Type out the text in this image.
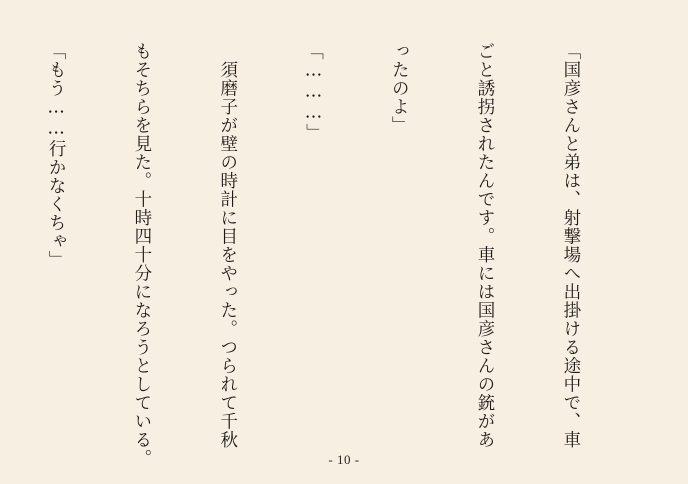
「国彦さんと弟は、射撃場へ出掛ける途中で、車

ごと誘拐されたんです。車には国彦さんの銃があ

ったのよ」

「………」

　須磨子が壁の時計に目をやった。つられて千秋

もそちらを見た。十時四十分になろうとしている。

「もう……行かなくちゃ」

- 10 -
